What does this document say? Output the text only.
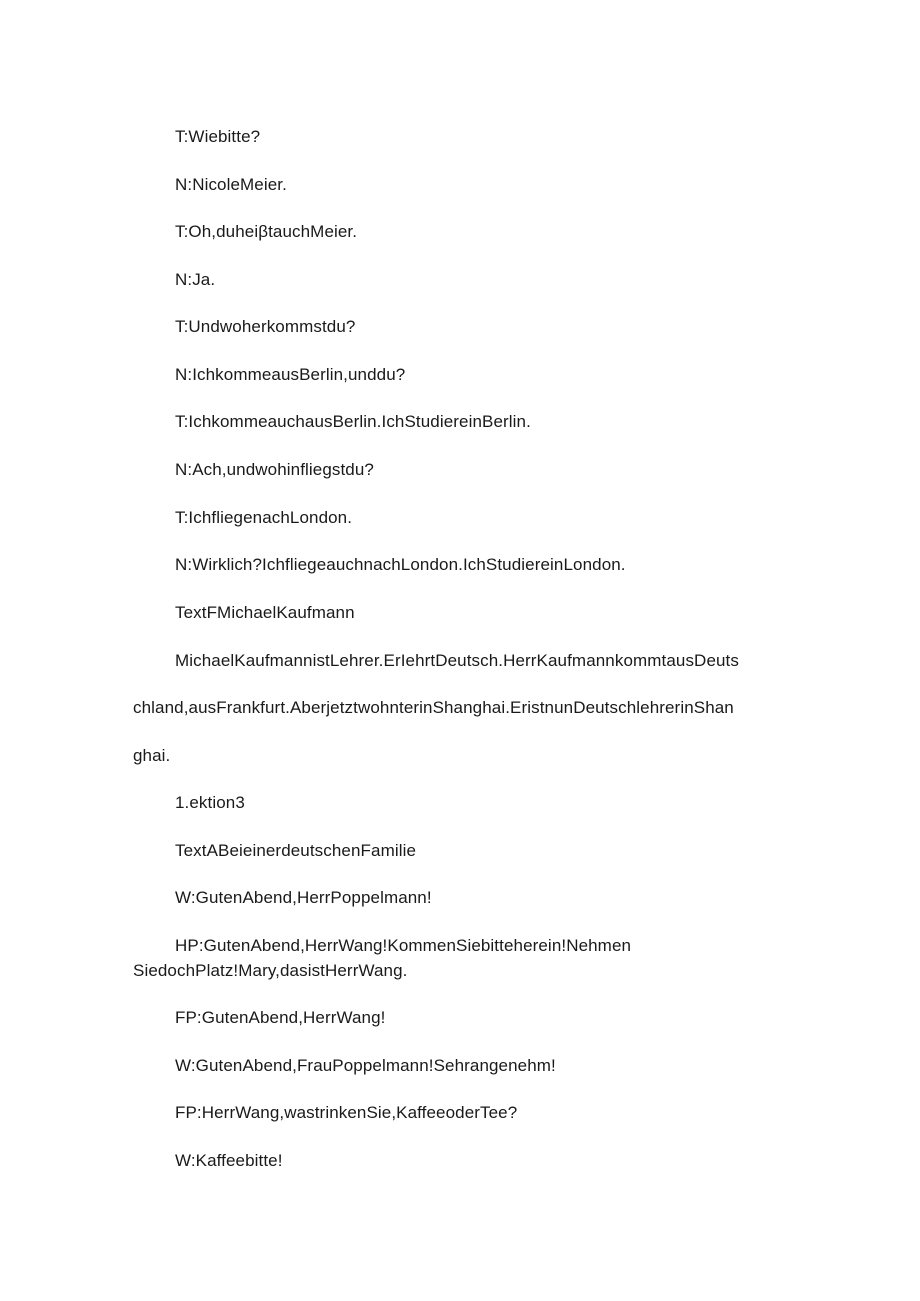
T:Wiebitte?

N:NicoleMeier.

T:Oh,duheiβtauchMeier.

N:Ja.

T:Undwoherkommstdu?

N:IchkommeausBerlin,unddu?

T:IchkommeauchausBerlin.IchStudiereinBerlin.

N:Ach,undwohinfliegstdu?

T:IchfliegenachLondon.

N:Wirklich?IchfliegeauchnachLondon.IchStudiereinLondon.

TextFMichaelKaufmann

MichaelKaufmannistLehrer.ErIehrtDeutsch.HerrKaufmannkommtausDeuts

chland,ausFrankfurt.AberjetztwohnterinShanghai.EristnunDeutschlehrerinShan

ghai.

1.ektion3

TextABeieinerdeutschenFamilie

W:GutenAbend,HerrPoppelmann!

HP:GutenAbend,HerrWang!KommenSiebitteherein!Nehmen

SiedochPlatz!Mary,dasistHerrWang.

FP:GutenAbend,HerrWang!

W:GutenAbend,FrauPoppelmann!Sehrangenehm!

FP:HerrWang,wastrinkenSie,KaffeeoderTee?

W:Kaffeebitte!
